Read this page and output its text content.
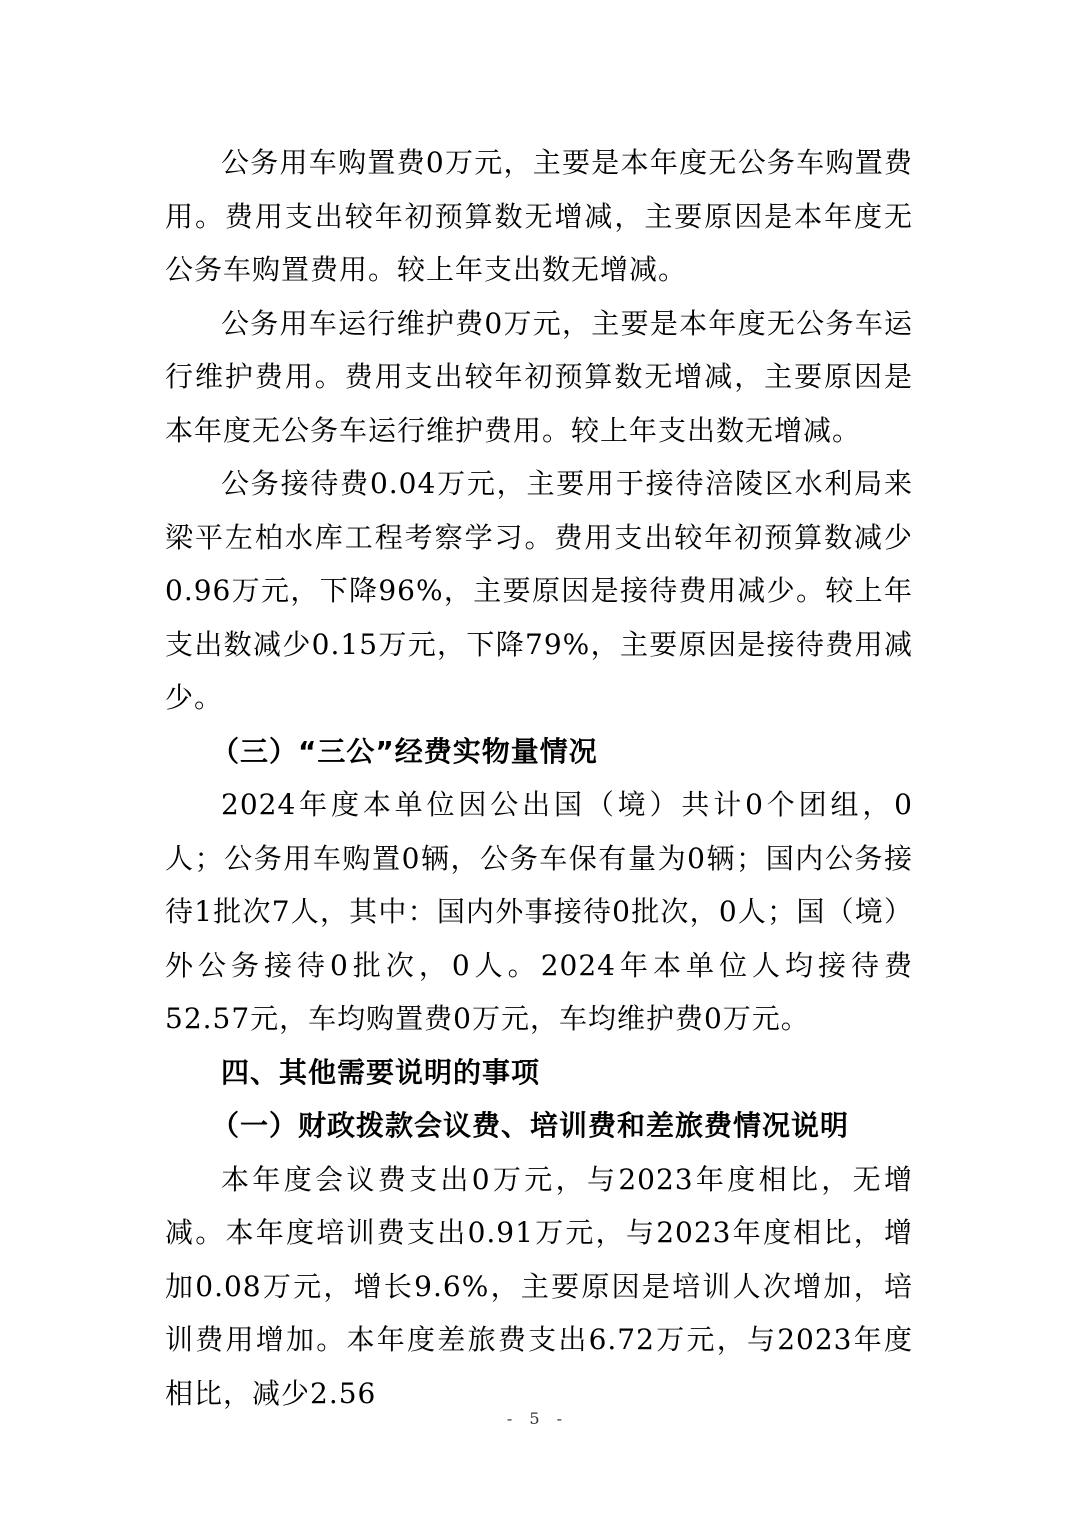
公务用车购置费0万元，主要是本年度无公务车购置费用。费用支出较年初预算数无增减，主要原因是本年度无公务车购置费用。较上年支出数无增减。

公务用车运行维护费0万元，主要是本年度无公务车运行维护费用。费用支出较年初预算数无增减，主要原因是本年度无公务车运行维护费用。较上年支出数无增减。

公务接待费0.04万元，主要用于接待涪陵区水利局来梁平左柏水库工程考察学习。费用支出较年初预算数减少0.96万元，下降96%，主要原因是接待费用减少。较上年支出数减少0.15万元，下降79%，主要原因是接待费用减少。

（三）“三公”经费实物量情况

2024年度本单位因公出国（境）共计0个团组，0人；公务用车购置0辆，公务车保有量为0辆；国内公务接待1批次7人，其中：国内外事接待0批次，0人；国（境）外公务接待0批次，0人。2024年本单位人均接待费52.57元，车均购置费0万元，车均维护费0万元。

四、其他需要说明的事项

（一）财政拨款会议费、培训费和差旅费情况说明

本年度会议费支出0万元，与2023年度相比，无增减。本年度培训费支出0.91万元，与2023年度相比，增加0.08万元，增长9.6%，主要原因是培训人次增加，培训费用增加。本年度差旅费支出6.72万元，与2023年度相比，减少2.56

- 5 -
